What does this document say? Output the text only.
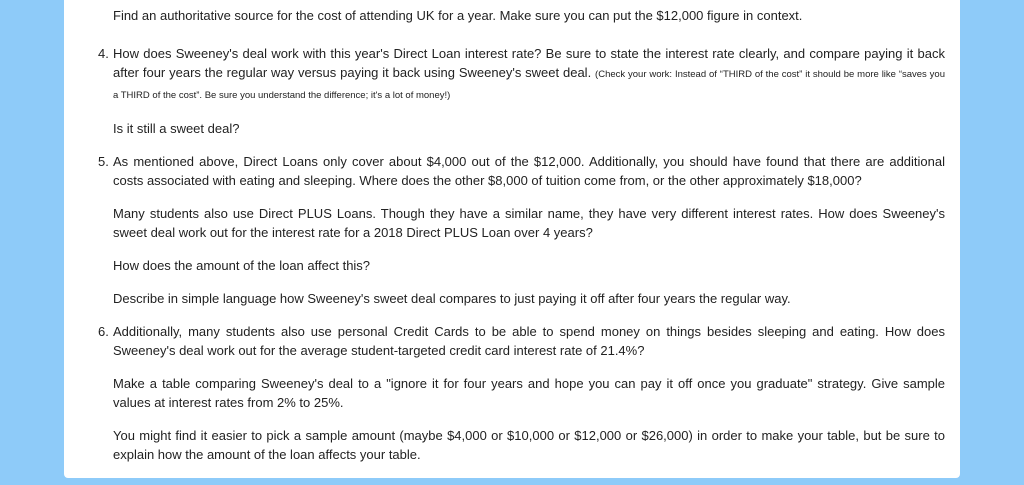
Find an authoritative source for the cost of attending UK for a year. Make sure you can put the $12,000 figure in context.

4. How does Sweeney's deal work with this year's Direct Loan interest rate? Be sure to state the interest rate clearly, and compare paying it back after four years the regular way versus paying it back using Sweeney's sweet deal. (Check your work: Instead of “THIRD of the cost” it should be more like “saves you a THIRD of the cost”. Be sure you understand the difference; it's a lot of money!)

Is it still a sweet deal?

5. As mentioned above, Direct Loans only cover about $4,000 out of the $12,000. Additionally, you should have found that there are additional costs associated with eating and sleeping. Where does the other $8,000 of tuition come from, or the other approximately $18,000?

Many students also use Direct PLUS Loans. Though they have a similar name, they have very different interest rates. How does Sweeney's sweet deal work out for the interest rate for a 2018 Direct PLUS Loan over 4 years?

How does the amount of the loan affect this?

Describe in simple language how Sweeney's sweet deal compares to just paying it off after four years the regular way.

6. Additionally, many students also use personal Credit Cards to be able to spend money on things besides sleeping and eating. How does Sweeney's deal work out for the average student-targeted credit card interest rate of 21.4%?

Make a table comparing Sweeney's deal to a "ignore it for four years and hope you can pay it off once you graduate" strategy. Give sample values at interest rates from 2% to 25%.

You might find it easier to pick a sample amount (maybe $4,000 or $10,000 or $12,000 or $26,000) in order to make your table, but be sure to explain how the amount of the loan affects your table.
